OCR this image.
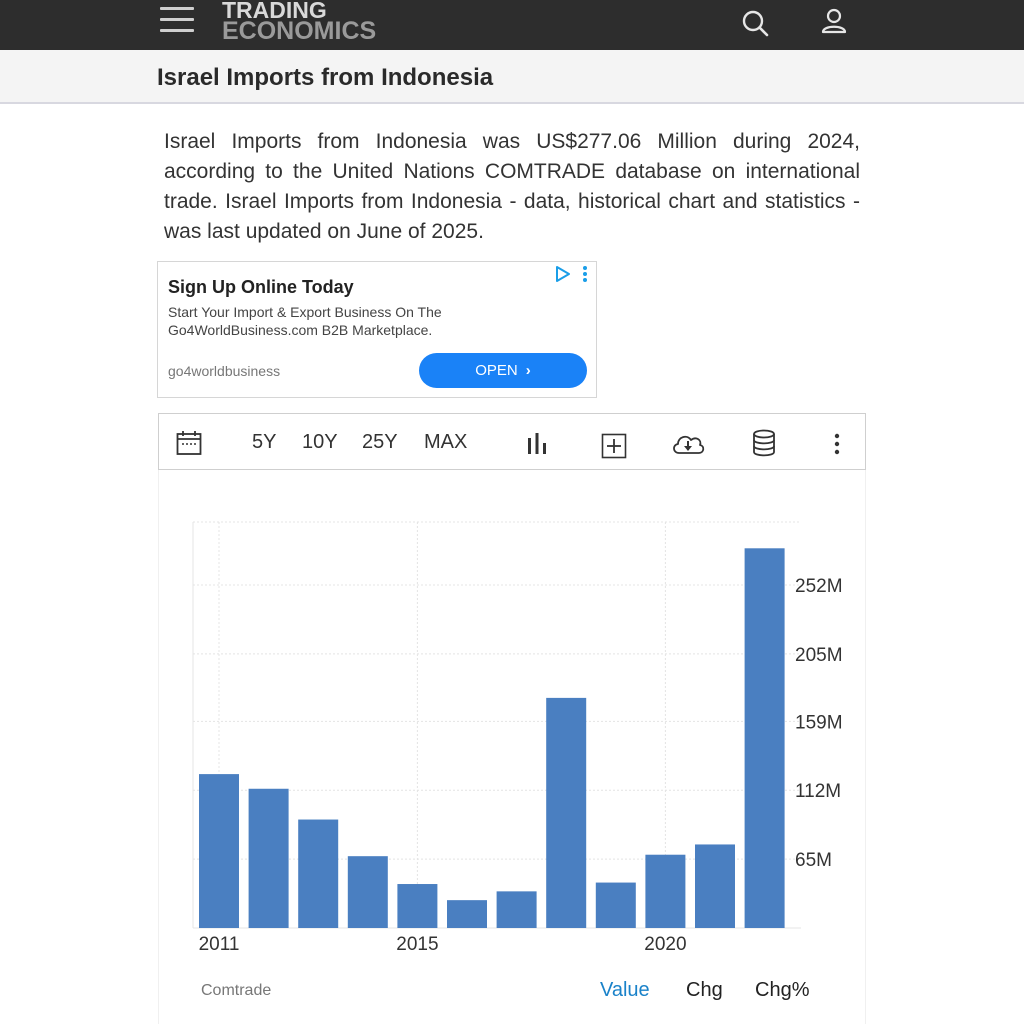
TRADING
ECONOMICS
Israel Imports from Indonesia

Israel Imports from Indonesia was US$277.06 Million during 2024, according to the United Nations COMTRADE database on international trade. Israel Imports from Indonesia - data, historical chart and statistics - was last updated on June of 2025.

Sign Up Online Today
Start Your Import & Export Business On The Go4WorldBusiness.com B2B Marketplace.
go4worldbusiness	OPEN ›
5Y 10Y 25Y MAX
65M
112M
159M
205M
252M
2011	2015	2020
Comtrade	Value Chg Chg%
